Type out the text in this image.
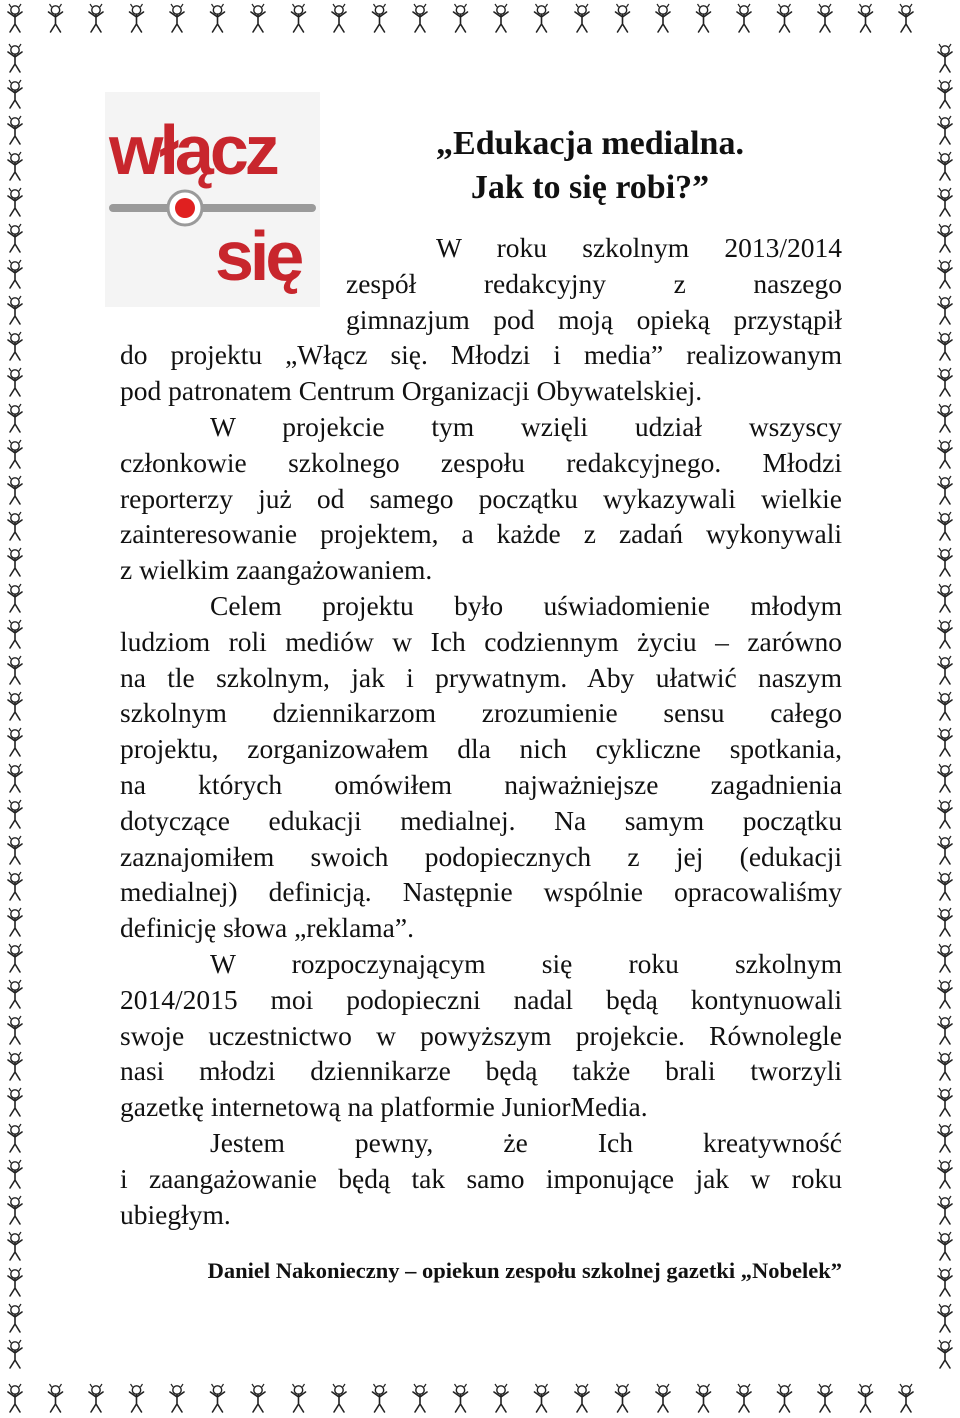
włącz
się
„Edukacja medialna.
Jak to się robi?”
W roku szkolnym 2013/2014
zespół redakcyjny z naszego
gimnazjum pod moją opieką przystąpił
do projektu „Włącz się. Młodzi i media” realizowanym
pod patronatem Centrum Organizacji Obywatelskiej.
W projekcie tym wzięli udział wszyscy
członkowie szkolnego zespołu redakcyjnego. Młodzi
reporterzy już od samego początku wykazywali wielkie
zainteresowanie projektem, a każde z zadań wykonywali
z wielkim zaangażowaniem.
Celem projektu było uświadomienie młodym
ludziom roli mediów w Ich codziennym życiu – zarówno
na tle szkolnym, jak i prywatnym. Aby ułatwić naszym
szkolnym dziennikarzom zrozumienie sensu całego
projektu, zorganizowałem dla nich cykliczne spotkania,
na których omówiłem najważniejsze zagadnienia
dotyczące edukacji medialnej. Na samym początku
zaznajomiłem swoich podopiecznych z jej (edukacji
medialnej) definicją. Następnie wspólnie opracowaliśmy
definicję słowa „reklama”.
W rozpoczynającym się roku szkolnym
2014/2015 moi podopieczni nadal będą kontynuowali
swoje uczestnictwo w powyższym projekcie. Równolegle
nasi młodzi dziennikarze będą także brali tworzyli
gazetkę internetową na platformie JuniorMedia.
Jestem pewny, że Ich kreatywność
i zaangażowanie będą tak samo imponujące jak w roku
ubiegłym.
Daniel Nakonieczny – opiekun zespołu szkolnej gazetki „Nobelek”
